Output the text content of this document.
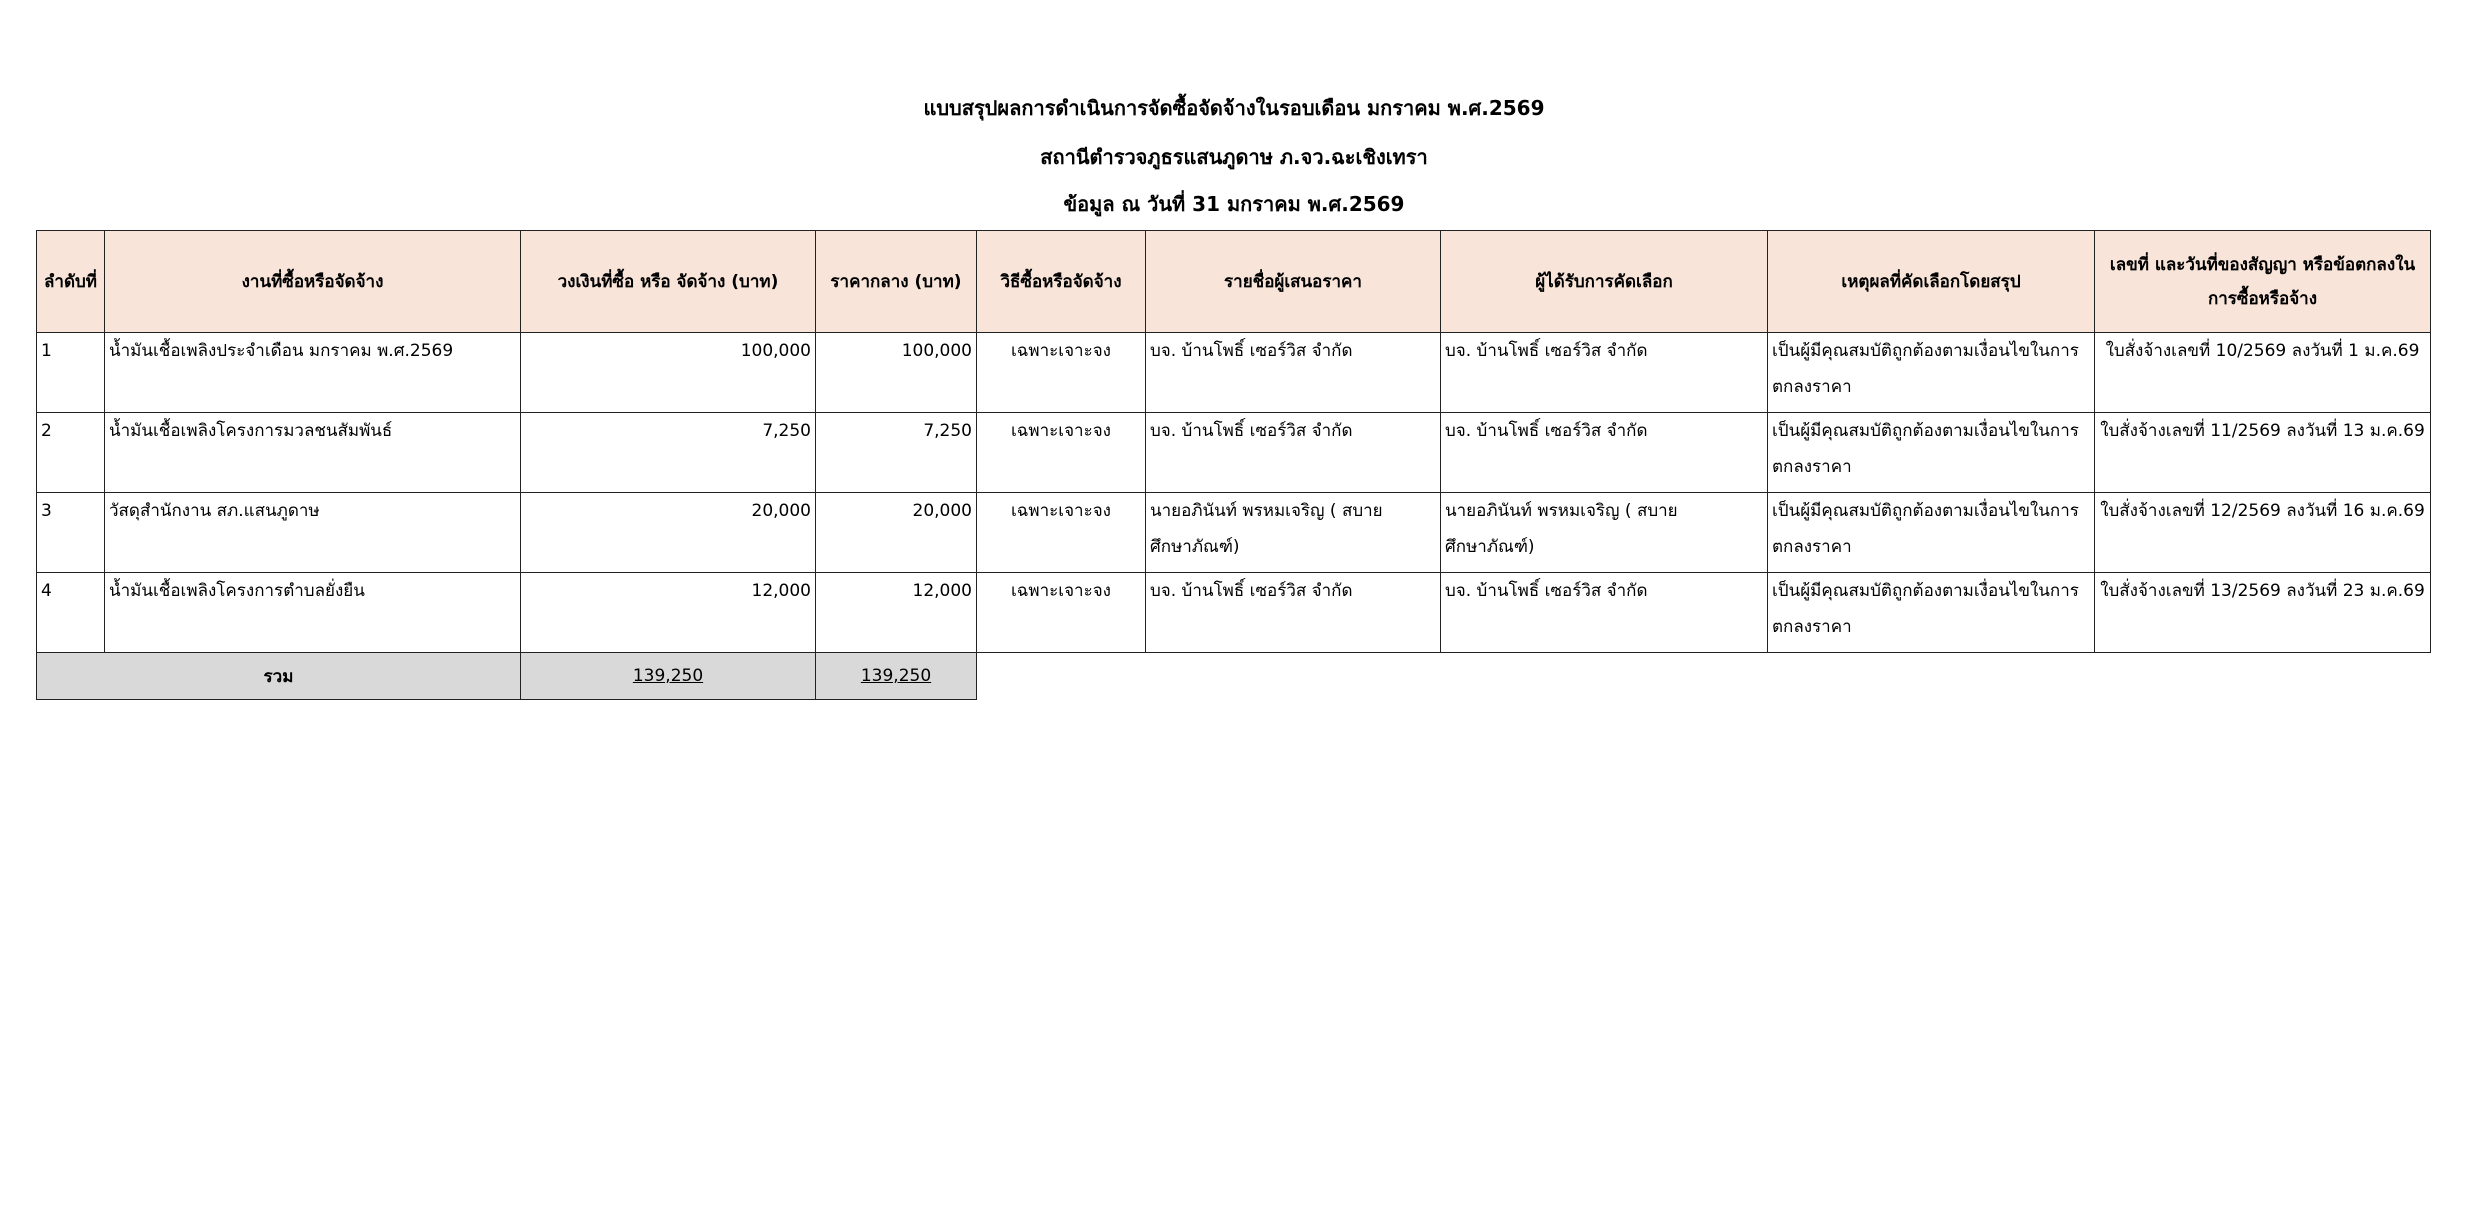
แบบสรุปผลการดำเนินการจัดซื้อจัดจ้างในรอบเดือน มกราคม พ.ศ.2569
สถานีตำรวจภูธรแสนภูดาษ ภ.จว.ฉะเชิงเทรา
ข้อมูล ณ วันที่ 31 มกราคม พ.ศ.2569
ลำดับที่	งานที่ซื้อหรือจัดจ้าง	วงเงินที่ซื้อ หรือ จัดจ้าง (บาท)	ราคากลาง (บาท)	วิธีซื้อหรือจัดจ้าง	รายชื่อผู้เสนอราคา	ผู้ได้รับการคัดเลือก	เหตุผลที่คัดเลือกโดยสรุป	เลขที่ และวันที่ของสัญญา หรือข้อตกลงในการซื้อหรือจ้าง
1	น้ำมันเชื้อเพลิงประจำเดือน มกราคม พ.ศ.2569	100,000	100,000	เฉพาะเจาะจง	บจ. บ้านโพธิ์ เซอร์วิส จำกัด	บจ. บ้านโพธิ์ เซอร์วิส จำกัด	เป็นผู้มีคุณสมบัติถูกต้องตามเงื่อนไขในการตกลงราคา	ใบสั่งจ้างเลขที่ 10/2569 ลงวันที่ 1 ม.ค.69
2	น้ำมันเชื้อเพลิงโครงการมวลชนสัมพันธ์	7,250	7,250	เฉพาะเจาะจง	บจ. บ้านโพธิ์ เซอร์วิส จำกัด	บจ. บ้านโพธิ์ เซอร์วิส จำกัด	เป็นผู้มีคุณสมบัติถูกต้องตามเงื่อนไขในการตกลงราคา	ใบสั่งจ้างเลขที่ 11/2569 ลงวันที่ 13 ม.ค.69
3	วัสดุสำนักงาน สภ.แสนภูดาษ	20,000	20,000	เฉพาะเจาะจง	นายอภินันท์ พรหมเจริญ ( สบายศึกษาภัณฑ์)	นายอภินันท์ พรหมเจริญ ( สบายศึกษาภัณฑ์)	เป็นผู้มีคุณสมบัติถูกต้องตามเงื่อนไขในการตกลงราคา	ใบสั่งจ้างเลขที่ 12/2569 ลงวันที่ 16 ม.ค.69
4	น้ำมันเชื้อเพลิงโครงการตำบลยั่งยืน	12,000	12,000	เฉพาะเจาะจง	บจ. บ้านโพธิ์ เซอร์วิส จำกัด	บจ. บ้านโพธิ์ เซอร์วิส จำกัด	เป็นผู้มีคุณสมบัติถูกต้องตามเงื่อนไขในการตกลงราคา	ใบสั่งจ้างเลขที่ 13/2569 ลงวันที่ 23 ม.ค.69
รวม		139,250	139,250					
